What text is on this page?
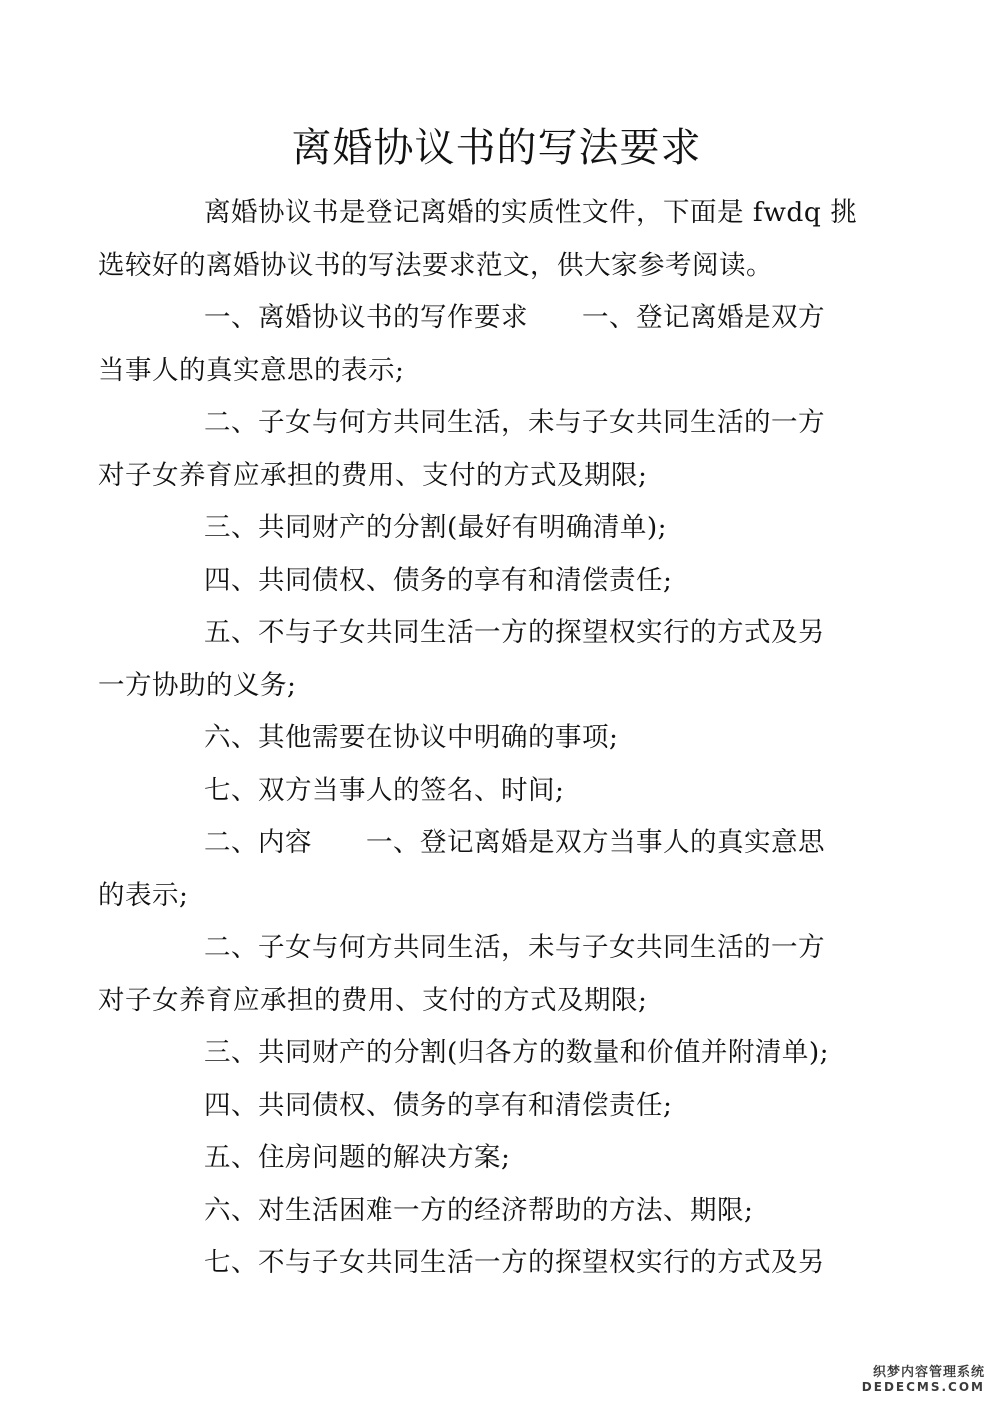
离婚协议书的写法要求

离婚协议书是登记离婚的实质性文件，下面是 fwdq 挑
选较好的离婚协议书的写法要求范文，供大家参考阅读。

一、离婚协议书的写作要求　　一、登记离婚是双方
当事人的真实意思的表示;

二、子女与何方共同生活，未与子女共同生活的一方
对子女养育应承担的费用、支付的方式及期限;

三、共同财产的分割(最好有明确清单);

四、共同债权、债务的享有和清偿责任;

五、不与子女共同生活一方的探望权实行的方式及另
一方协助的义务;

六、其他需要在协议中明确的事项;

七、双方当事人的签名、时间;

二、内容　　一、登记离婚是双方当事人的真实意思
的表示;

二、子女与何方共同生活，未与子女共同生活的一方
对子女养育应承担的费用、支付的方式及期限;

三、共同财产的分割(归各方的数量和价值并附清单);

四、共同债权、债务的享有和清偿责任;

五、住房问题的解决方案;

六、对生活困难一方的经济帮助的方法、期限;

七、不与子女共同生活一方的探望权实行的方式及另

织梦内容管理系统
DEDECMS.COM
